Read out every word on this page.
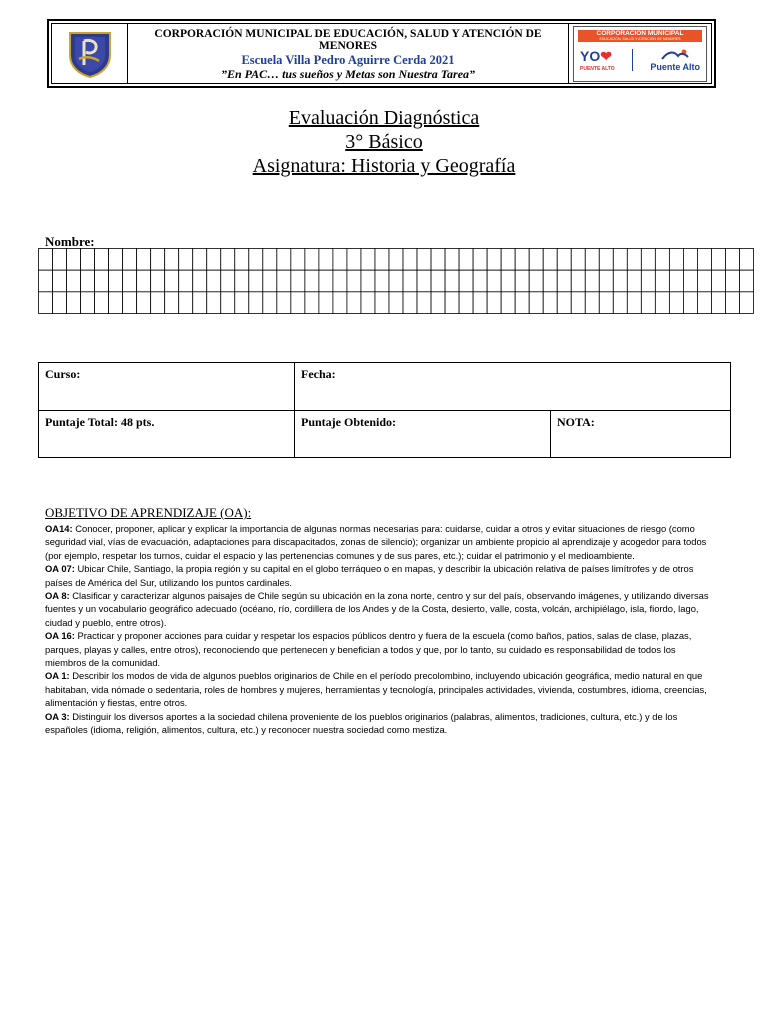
CORPORACIÓN MUNICIPAL DE EDUCACIÓN, SALUD Y ATENCIÓN DE MENORES
Escuela Villa Pedro Aguirre Cerda 2021
”En PAC… tus sueños y Metas son Nuestra Tarea”
CORPORACIÓN MUNICIPAL
EDUCACIÓN, SALUD Y ATENCIÓN DE MENORES
YO❤
PUENTE ALTO	Puente Alto

Evaluación Diagnóstica

3° Básico

Asignatura: Historia y Geografía

Nombre:
Curso:	Fecha:	
Puntaje Total: 48 pts.	Puntaje Obtenido:	NOTA:

OBJETIVO DE APRENDIZAJE (OA):

OA14: Conocer, proponer, aplicar y explicar la importancia de algunas normas necesarias para: cuidarse, cuidar a otros y evitar situaciones de riesgo (como seguridad vial, vías de evacuación, adaptaciones para discapacitados, zonas de silencio); organizar un ambiente propicio al aprendizaje y acogedor para todos (por ejemplo, respetar los turnos, cuidar el espacio y las pertenencias comunes y de sus pares, etc.); cuidar el patrimonio y el medioambiente.

OA 07: Ubicar Chile, Santiago, la propia región y su capital en el globo terráqueo o en mapas, y describir la ubicación relativa de países limítrofes y de otros países de América del Sur, utilizando los puntos cardinales.

OA 8: Clasificar y caracterizar algunos paisajes de Chile según su ubicación en la zona norte, centro y sur del país, observando imágenes, y utilizando diversas fuentes y un vocabulario geográfico adecuado (océano, río, cordillera de los Andes y de la Costa, desierto, valle, costa, volcán, archipiélago, isla, fiordo, lago, ciudad y pueblo, entre otros).

OA 16: Practicar y proponer acciones para cuidar y respetar los espacios públicos dentro y fuera de la escuela (como baños, patios, salas de clase, plazas, parques, playas y calles, entre otros), reconociendo que pertenecen y benefician a todos y que, por lo tanto, su cuidado es responsabilidad de todos los miembros de la comunidad.

OA 1: Describir los modos de vida de algunos pueblos originarios de Chile en el período precolombino, incluyendo ubicación geográfica, medio natural en que habitaban, vida nómade o sedentaria, roles de hombres y mujeres, herramientas y tecnología, principales actividades, vivienda, costumbres, idioma, creencias, alimentación y fiestas, entre otros.

OA 3: Distinguir los diversos aportes a la sociedad chilena proveniente de los pueblos originarios (palabras, alimentos, tradiciones, cultura, etc.) y de los españoles (idioma, religión, alimentos, cultura, etc.) y reconocer nuestra sociedad como mestiza.
